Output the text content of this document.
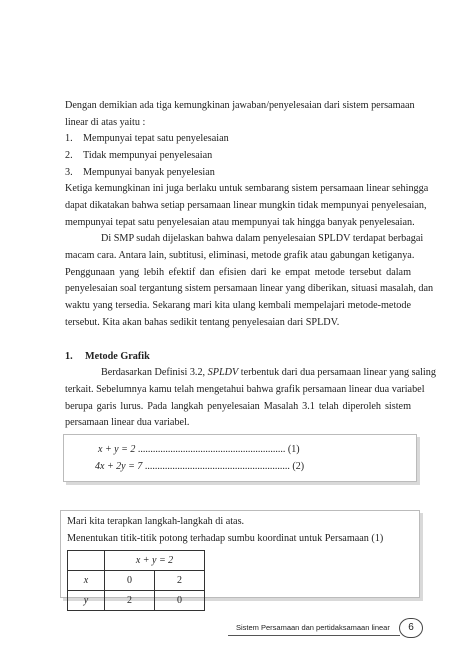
Dengan demikian ada tiga kemungkinan jawaban/penyelesaian dari sistem persamaan
linear di atas yaitu :
1. Mempunyai tepat satu penyelesaian
2. Tidak mempunyai penyelesaian
3. Mempunyai banyak penyelesian
Ketiga kemungkinan ini juga berlaku untuk sembarang sistem persamaan linear sehingga
dapat dikatakan bahwa setiap persamaan linear mungkin tidak mempunyai penyelesaian,
mempunyai tepat satu penyelesaian atau mempunyai tak hingga banyak penyelesaian.
Di SMP sudah dijelaskan bahwa dalam penyelesaian SPLDV terdapat berbagai
macam cara. Antara lain, subtitusi, eliminasi, metode grafik atau gabungan ketiganya.
Penggunaan yang lebih efektif dan efisien dari ke empat metode tersebut dalam
penyelesaian soal tergantung sistem persamaan linear yang diberikan, situasi masalah, dan
waktu yang tersedia. Sekarang mari kita ulang kembali mempelajari metode-metode
tersebut. Kita akan bahas sedikit tentang penyelesaian dari SPLDV.
1. Metode Grafik
Berdasarkan Definisi 3.2, SPLDV terbentuk dari dua persamaan linear yang saling
terkait. Sebelumnya kamu telah mengetahui bahwa grafik persamaan linear dua variabel
berupa garis lurus. Pada langkah penyelesaian Masalah 3.1 telah diperoleh sistem
persamaan linear dua variabel.
x + y = 2 ........................................................... (1)
4x + 2y = 7 .......................................................... (2)
Mari kita terapkan langkah-langkah di atas.
Menentukan titik-titik potong terhadap sumbu koordinat untuk Persamaan (1)
	x + y = 2	
x	0	2
y	2	0
Sistem Persamaan dan pertidaksamaan linear	6
